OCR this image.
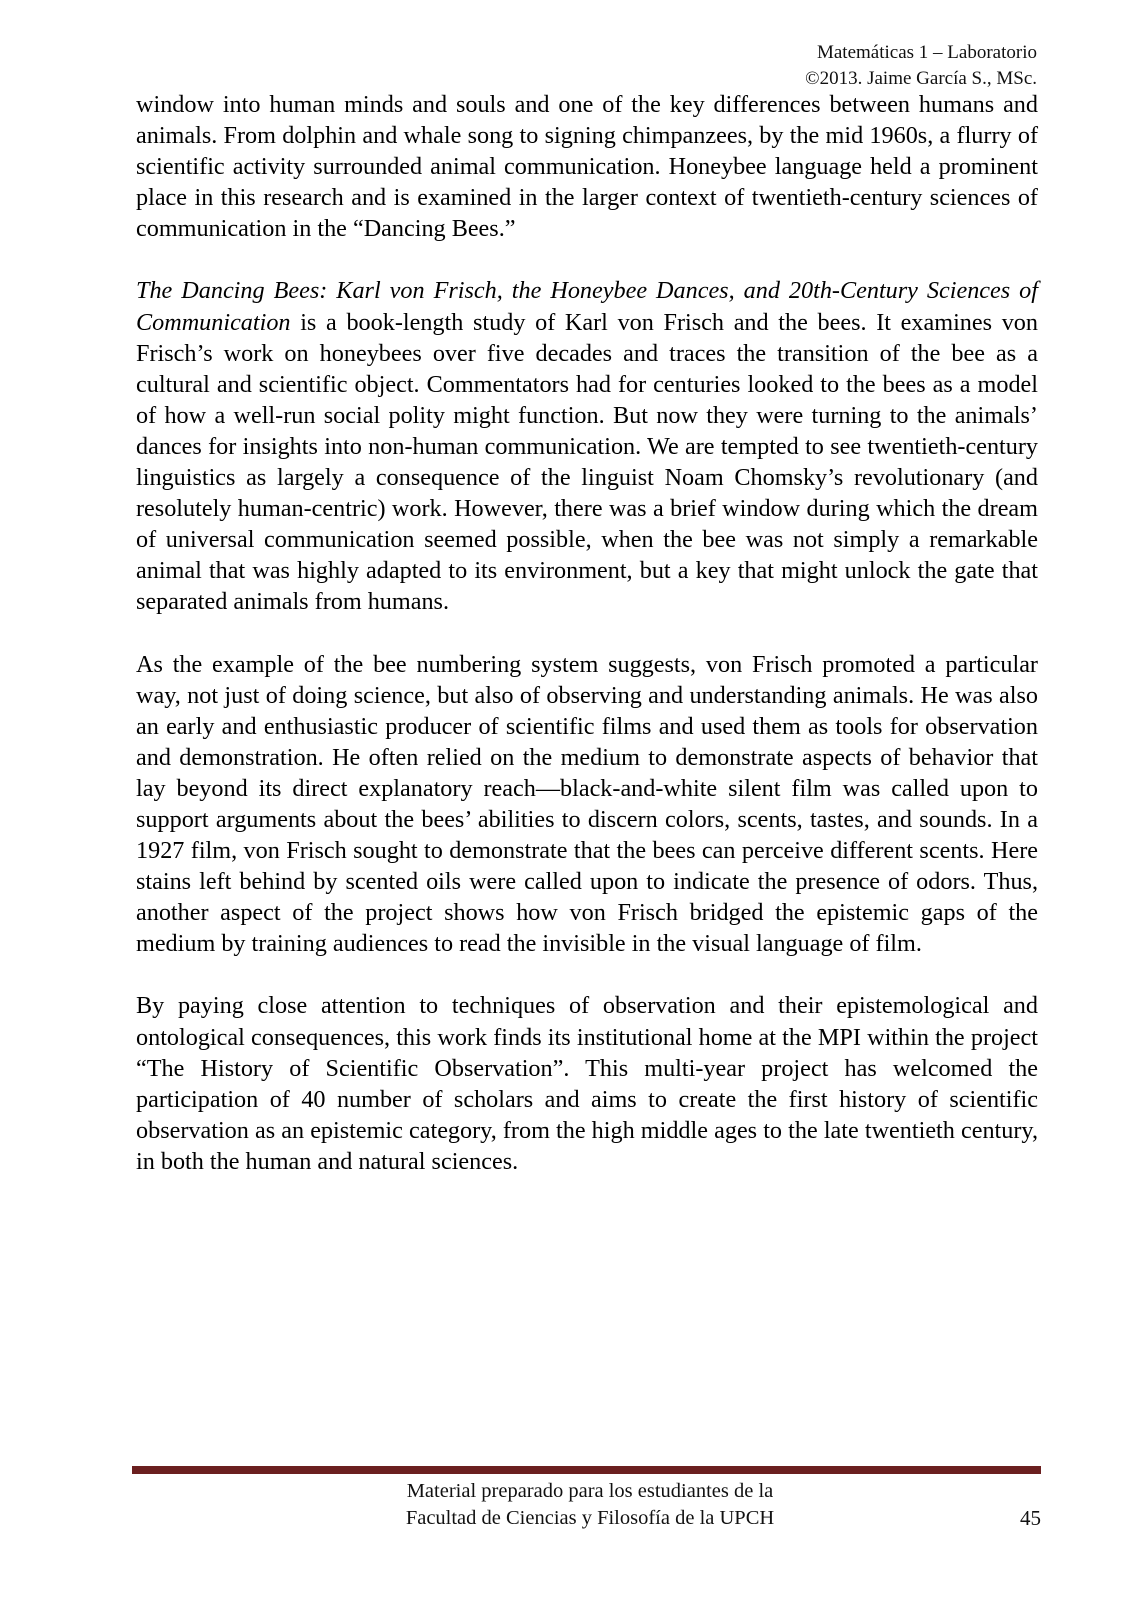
Matemáticas 1 – Laboratorio
©2013. Jaime García S., MSc.

window into human minds and souls and one of the key differences between humans and animals. From dolphin and whale song to signing chimpanzees, by the mid 1960s, a flurry of scientific activity surrounded animal communication. Honeybee language held a prominent place in this research and is examined in the larger context of twentieth-century sciences of communication in the “Dancing Bees.”

The Dancing Bees: Karl von Frisch, the Honeybee Dances, and 20th-Century Sciences of Communication is a book-length study of Karl von Frisch and the bees. It examines von Frisch’s work on honeybees over five decades and traces the transition of the bee as a cultural and scientific object. Commentators had for centuries looked to the bees as a model of how a well-run social polity might function. But now they were turning to the animals’ dances for insights into non-human communication. We are tempted to see twentieth-century linguistics as largely a consequence of the linguist Noam Chomsky’s revolutionary (and resolutely human-centric) work. However, there was a brief window during which the dream of universal communication seemed possible, when the bee was not simply a remarkable animal that was highly adapted to its environment, but a key that might unlock the gate that separated animals from humans.

As the example of the bee numbering system suggests, von Frisch promoted a particular way, not just of doing science, but also of observing and understanding animals. He was also an early and enthusiastic producer of scientific films and used them as tools for observation and demonstration. He often relied on the medium to demonstrate aspects of behavior that lay beyond its direct explanatory reach—black-and-white silent film was called upon to support arguments about the bees’ abilities to discern colors, scents, tastes, and sounds. In a 1927 film, von Frisch sought to demonstrate that the bees can perceive different scents. Here stains left behind by scented oils were called upon to indicate the presence of odors. Thus, another aspect of the project shows how von Frisch bridged the epistemic gaps of the medium by training audiences to read the invisible in the visual language of film.

By paying close attention to techniques of observation and their epistemological and ontological consequences, this work finds its institutional home at the MPI within the project “The History of Scientific Observation”. This multi-year project has welcomed the participation of 40 number of scholars and aims to create the first history of scientific observation as an epistemic category, from the high middle ages to the late twentieth century, in both the human and natural sciences.

Material preparado para los estudiantes de la
Facultad de Ciencias y Filosofía de la UPCH	45
